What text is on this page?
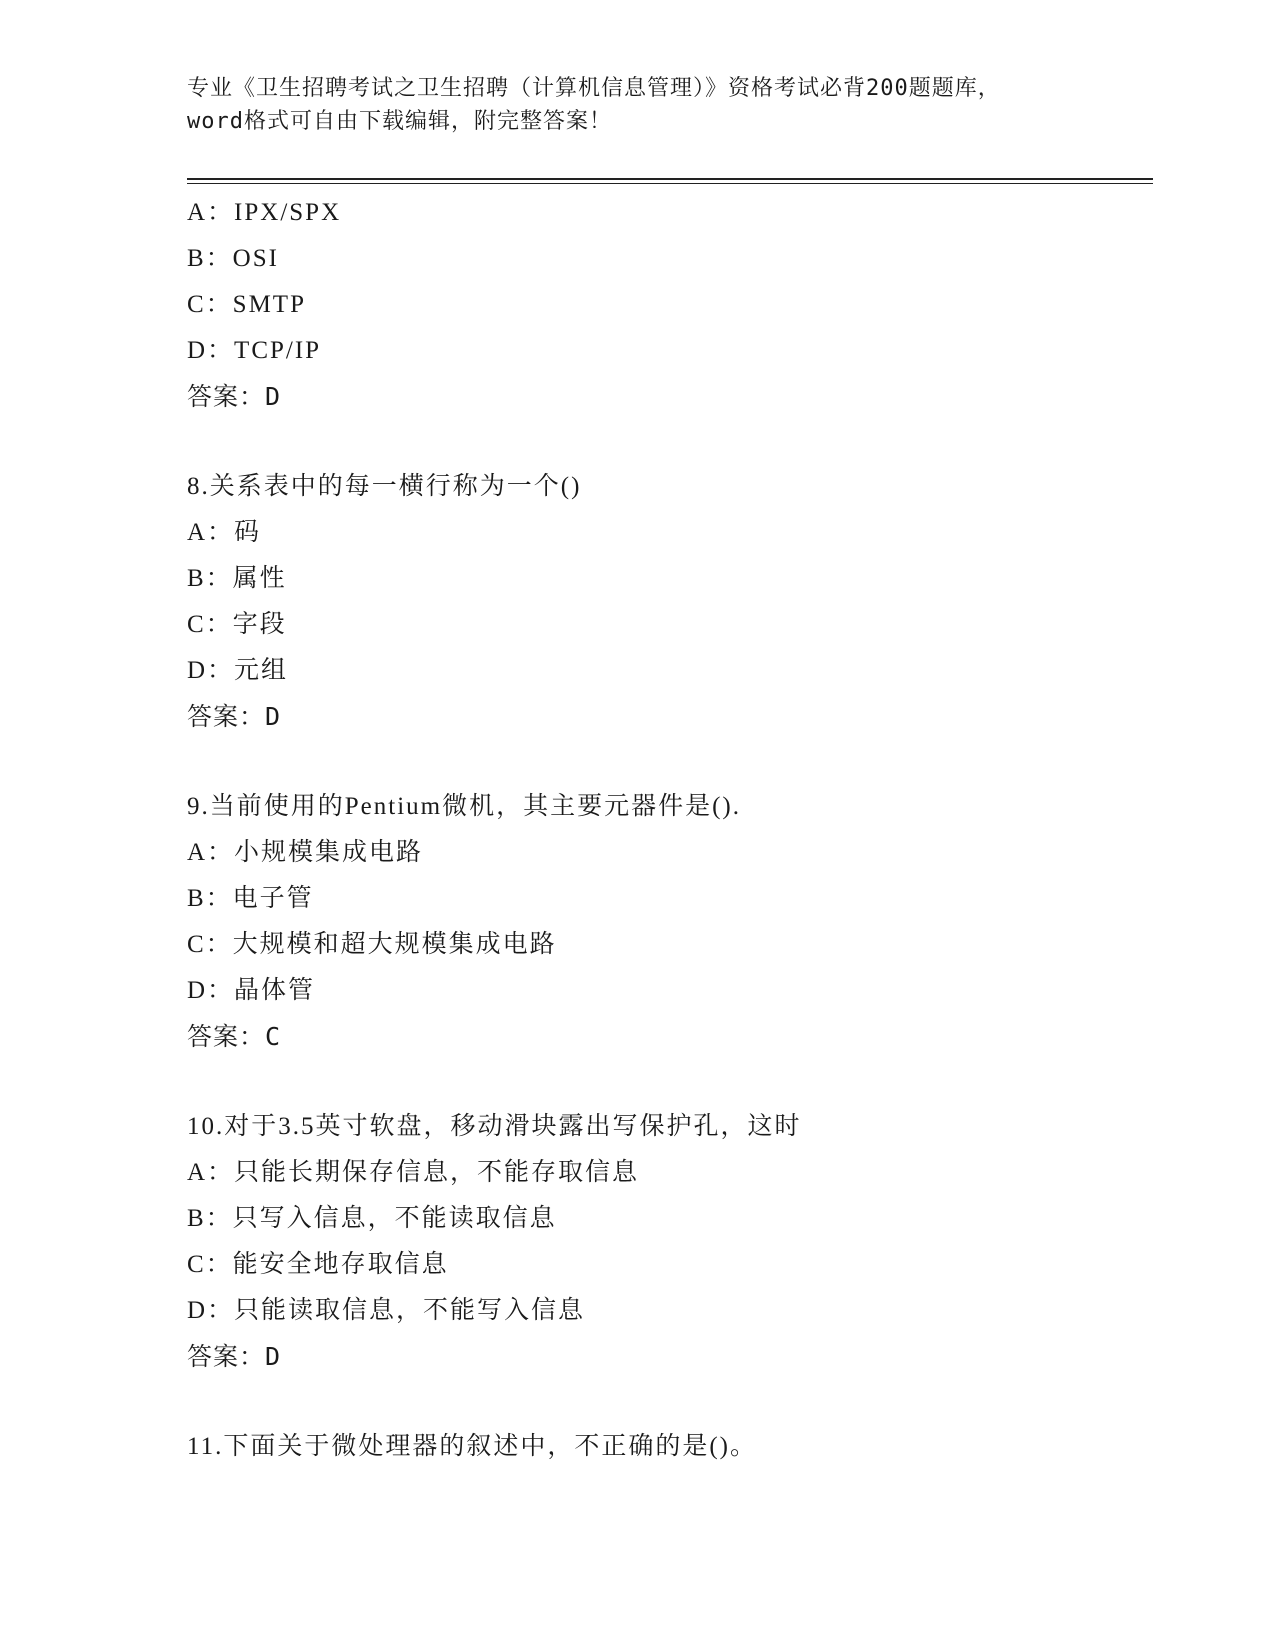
专业《卫生招聘考试之卫生招聘（计算机信息管理）》资格考试必背200题题库，

word格式可自由下载编辑，附完整答案！

A：IPX/SPX
B：OSI
C：SMTP
D：TCP/IP
答案：D
8.关系表中的每一横行称为一个()
A：码
B：属性
C：字段
D：元组
答案：D
9.当前使用的Pentium微机，其主要元器件是().
A：小规模集成电路
B：电子管
C：大规模和超大规模集成电路
D：晶体管
答案：C
10.对于3.5英寸软盘，移动滑块露出写保护孔，这时
A：只能长期保存信息，不能存取信息
B：只写入信息，不能读取信息
C：能安全地存取信息
D：只能读取信息，不能写入信息
答案：D
11.下面关于微处理器的叙述中，不正确的是()。
